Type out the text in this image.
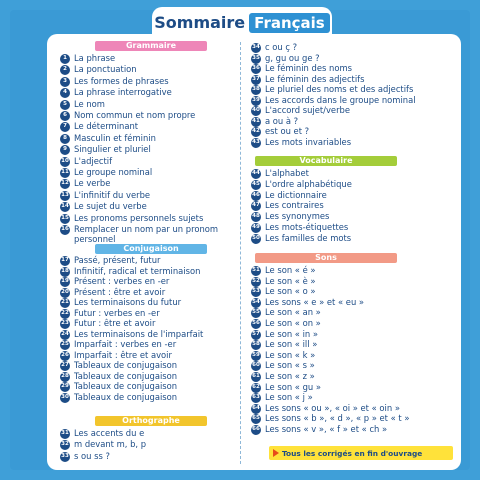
Sommaire Français
Grammaire
1 La phrase
2 La ponctuation
3 Les formes de phrases
4 La phrase interrogative
5 Le nom
6 Nom commun et nom propre
7 Le déterminant
8 Masculin et féminin
9 Singulier et pluriel
10 L'adjectif
11 Le groupe nominal
12 Le verbe
13 L'infinitif du verbe
14 Le sujet du verbe
15 Les pronoms personnels sujets
16 Remplacer un nom par un pronom personnel
Conjugaison
17 Passé, présent, futur
18 Infinitif, radical et terminaison
19 Présent : verbes en -er
20 Présent : être et avoir
21 Les terminaisons du futur
22 Futur : verbes en -er
23 Futur : être et avoir
24 Les terminaisons de l'imparfait
25 Imparfait : verbes en -er
26 Imparfait : être et avoir
27 Tableaux de conjugaison
28 Tableaux de conjugaison
29 Tableaux de conjugaison
30 Tableaux de conjugaison
Orthographe
31 Les accents du e
32 m devant m, b, p
33 s ou ss ?
34 c ou ç ?
35 g, gu ou ge ?
36 Le féminin des noms
37 Le féminin des adjectifs
38 Le pluriel des noms et des adjectifs
39 Les accords dans le groupe nominal
40 L'accord sujet/verbe
41 a ou à ?
42 est ou et ?
43 Les mots invariables
Vocabulaire
44 L'alphabet
45 L'ordre alphabétique
46 Le dictionnaire
47 Les contraires
48 Les synonymes
49 Les mots-étiquettes
50 Les familles de mots
Sons
51 Le son « é »
52 Le son « è »
53 Le son « o »
54 Les sons « e » et « eu »
55 Le son « an »
56 Le son « on »
57 Le son « in »
58 Le son « ill »
59 Le son « k »
60 Le son « s »
61 Le son « z »
62 Le son « gu »
63 Le son « j »
64 Les sons « ou », « oi » et « oin »
65 Les sons « b », « d », « p » et « t »
66 Les sons « v », « f » et « ch »
Tous les corrigés en fin d'ouvrage
